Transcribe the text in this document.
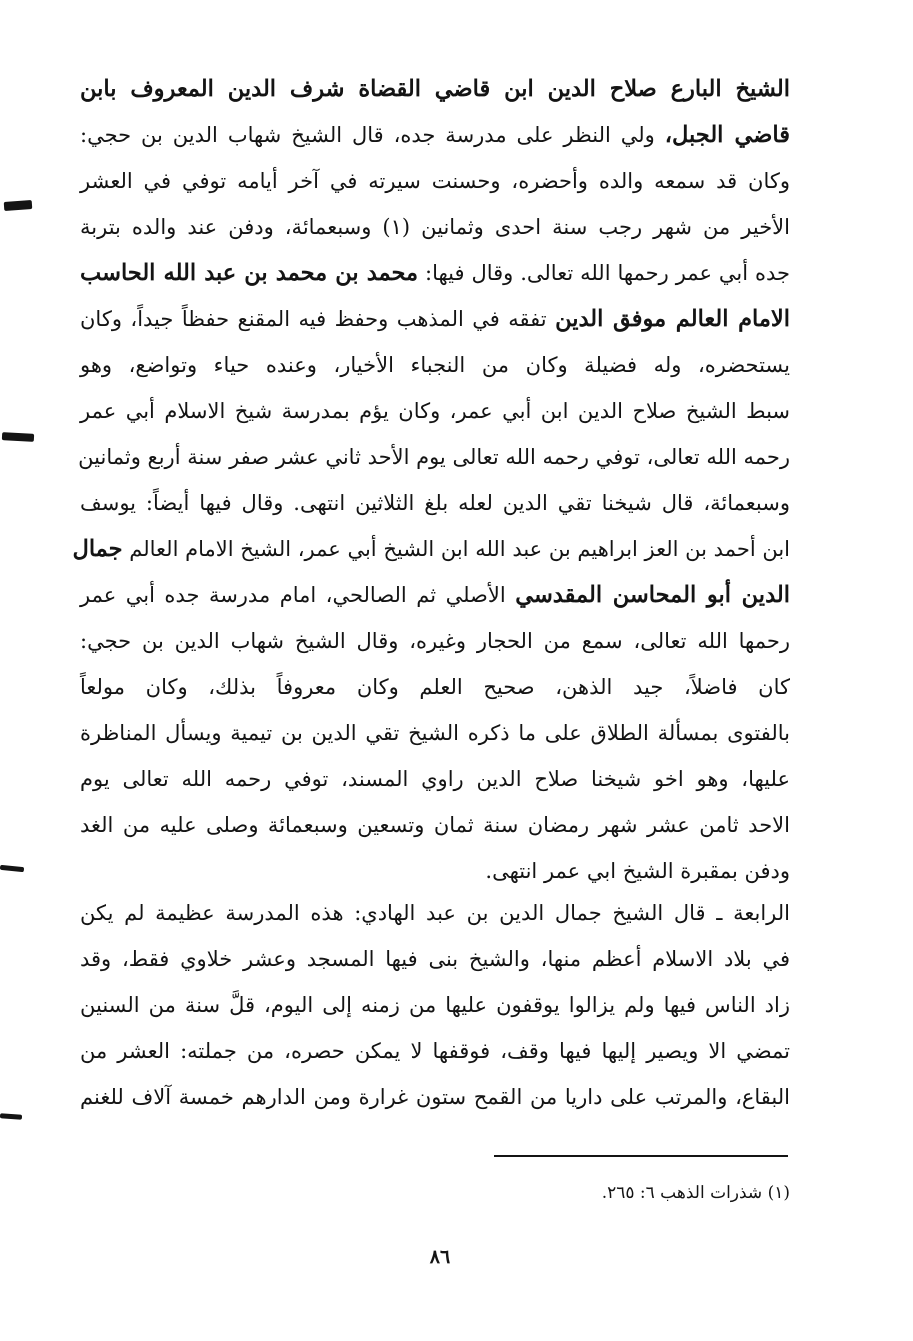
الشيخ البارع صلاح الدين ابن قاضي القضاة شرف الدين المعروف بابن
قاضي الجبل، ولي النظر على مدرسة جده، قال الشيخ شهاب الدين بن حجي:
وكان قد سمعه والده وأحضره، وحسنت سيرته في آخر أيامه توفي في العشر
الأخير من شهر رجب سنة احدى وثمانين (١) وسبعمائة، ودفن عند والده بتربة
جده أبي عمر رحمها الله تعالى. وقال فيها: محمد بن محمد بن عبد الله الحاسب
الامام العالم موفق الدين تفقه في المذهب وحفظ فيه المقنع حفظاً جيداً، وكان
يستحضره، وله فضيلة وكان من النجباء الأخيار، وعنده حياء وتواضع، وهو
سبط الشيخ صلاح الدين ابن أبي عمر، وكان يؤم بمدرسة شيخ الاسلام أبي عمر
رحمه الله تعالى، توفي رحمه الله تعالى يوم الأحد ثاني عشر صفر سنة أربع وثمانين
وسبعمائة، قال شيخنا تقي الدين لعله بلغ الثلاثين انتهى. وقال فيها أيضاً: يوسف
ابن أحمد بن العز ابراهيم بن عبد الله ابن الشيخ أبي عمر، الشيخ الامام العالم جمال
الدين أبو المحاسن المقدسي الأصلي ثم الصالحي، امام مدرسة جده أبي عمر
رحمها الله تعالى، سمع من الحجار وغيره، وقال الشيخ شهاب الدين بن حجي:
كان فاضلاً، جيد الذهن، صحيح العلم وكان معروفاً بذلك، وكان مولعاً
بالفتوى بمسألة الطلاق على ما ذكره الشيخ تقي الدين بن تيمية ويسأل المناظرة
عليها، وهو اخو شيخنا صلاح الدين راوي المسند، توفي رحمه الله تعالى يوم
الاحد ثامن عشر شهر رمضان سنة ثمان وتسعين وسبعمائة وصلى عليه من الغد
ودفن بمقبرة الشيخ ابي عمر انتهى.
الرابعة ـ قال الشيخ جمال الدين بن عبد الهادي: هذه المدرسة عظيمة لم يكن
في بلاد الاسلام أعظم منها، والشيخ بنى فيها المسجد وعشر خلاوي فقط، وقد
زاد الناس فيها ولم يزالوا يوقفون عليها من زمنه إلى اليوم، قلَّ سنة من السنين
تمضي الا ويصير إليها فيها وقف، فوقفها لا يمكن حصره، من جملته: العشر من
البقاع، والمرتب على داريا من القمح ستون غرارة ومن الدارهم خمسة آلاف للغنم
(١) شذرات الذهب ٦: ٢٦٥.
٨٦
